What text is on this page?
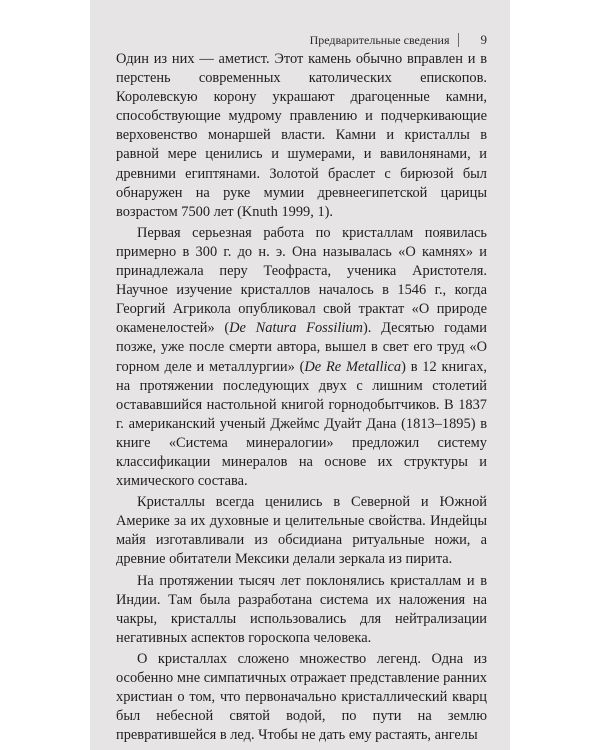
Предварительные сведения 9

Один из них — аметист. Этот камень обычно вправлен и в перстень современных католических епископов. Королевскую корону украшают драгоценные камни, способствующие мудрому правлению и подчеркивающие верховенство монаршей власти. Камни и кристаллы в равной мере ценились и шумерами, и вавилонянами, и древними египтянами. Золотой браслет с бирюзой был обнаружен на руке мумии древнеегипетской царицы возрастом 7500 лет (Knuth 1999, 1).

Первая серьезная работа по кристаллам появилась примерно в 300 г. до н. э. Она называлась «О камнях» и принадлежала перу Теофраста, ученика Аристотеля. Научное изучение кристаллов началось в 1546 г., когда Георгий Агрикола опубликовал свой трактат «О природе окаменелостей» (De Natura Fossilium). Десятью годами позже, уже после смерти автора, вышел в свет его труд «О горном деле и металлургии» (De Re Metallica) в 12 книгах, на протяжении последующих двух с лишним столетий остававшийся настольной книгой горнодобытчиков. В 1837 г. американский ученый Джеймс Дуайт Дана (1813–1895) в книге «Система минералогии» предложил систему классификации минералов на основе их структуры и химического состава.

Кристаллы всегда ценились в Северной и Южной Америке за их духовные и целительные свойства. Индейцы майя изготавливали из обсидиана ритуальные ножи, а древние обитатели Мексики делали зеркала из пирита.

На протяжении тысяч лет поклонялись кристаллам и в Индии. Там была разработана система их наложения на чакры, кристаллы использовались для нейтрализации негативных аспектов гороскопа человека.

О кристаллах сложено множество легенд. Одна из особенно мне симпатичных отражает представление ранних христиан о том, что первоначально кристаллический кварц был небесной святой водой, по пути на землю превратившейся в лед. Чтобы не дать ему растаять, ангелы
